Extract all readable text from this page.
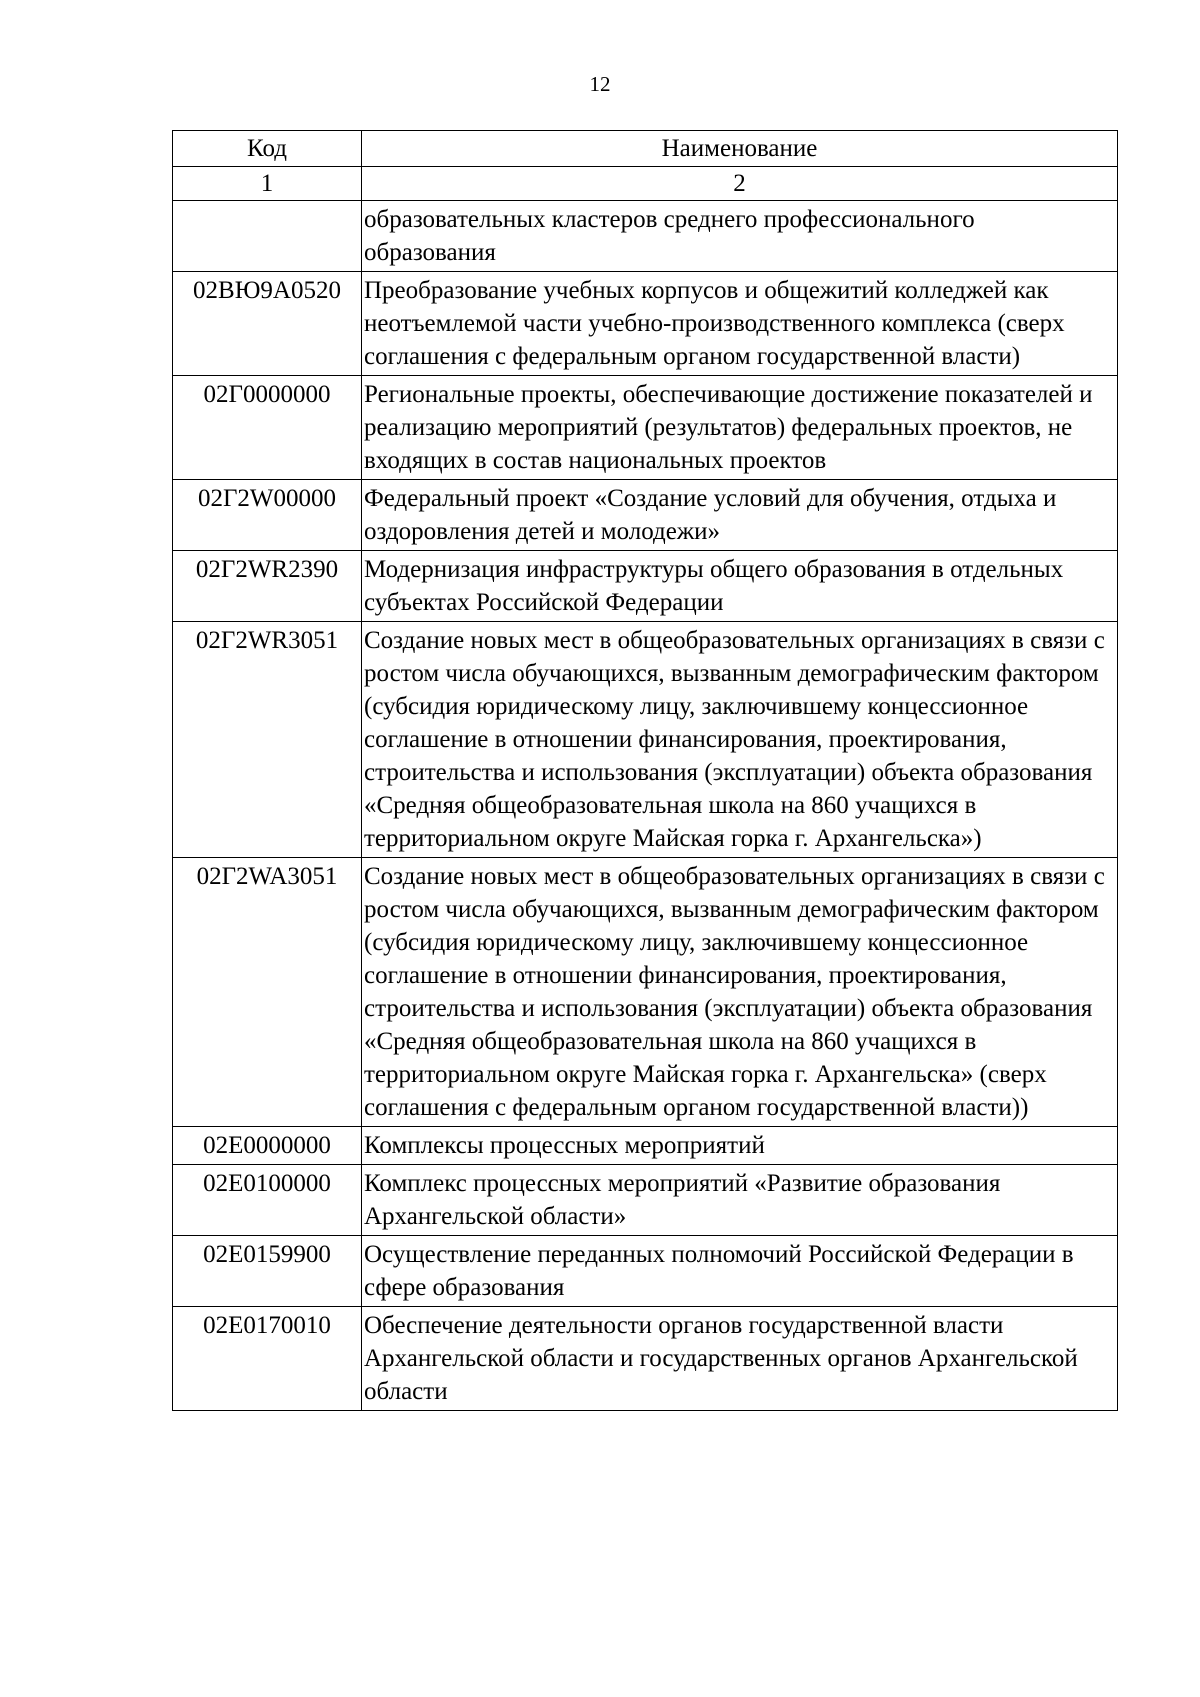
12
Код	Наименование
1	2
	образовательных кластеров среднего профессионального образования
02ВЮ9А0520	Преобразование учебных корпусов и общежитий колледжей как неотъемлемой части учебно-производственного комплекса (сверх соглашения с федеральным органом государственной власти)
02Г0000000	Региональные проекты, обеспечивающие достижение показателей и реализацию мероприятий (результатов) федеральных проектов, не входящих в состав национальных проектов
02Г2W00000	Федеральный проект «Создание условий для обучения, отдыха и оздоровления детей и молодежи»
02Г2WR2390	Модернизация инфраструктуры общего образования в отдельных субъектах Российской Федерации
02Г2WR3051	Создание новых мест в общеобразовательных организациях в связи с ростом числа обучающихся, вызванным демографическим фактором (субсидия юридическому лицу, заключившему концессионное соглашение в отношении финансирования, проектирования, строительства и использования (эксплуатации) объекта образования «Средняя общеобразовательная школа на 860 учащихся в территориальном округе Майская горка г. Архангельска»)
02Г2WA3051	Создание новых мест в общеобразовательных организациях в связи с ростом числа обучающихся, вызванным демографическим фактором (субсидия юридическому лицу, заключившему концессионное соглашение в отношении финансирования, проектирования, строительства и использования (эксплуатации) объекта образования «Средняя общеобразовательная школа на 860 учащихся в территориальном округе Майская горка г. Архангельска» (сверх соглашения с федеральным органом государственной власти))
02Е0000000	Комплексы процессных мероприятий
02Е0100000	Комплекс процессных мероприятий «Развитие образования Архангельской области»
02Е0159900	Осуществление переданных полномочий Российской Федерации в сфере образования
02Е0170010	Обеспечение деятельности органов государственной власти Архангельской области и государственных органов Архангельской области
